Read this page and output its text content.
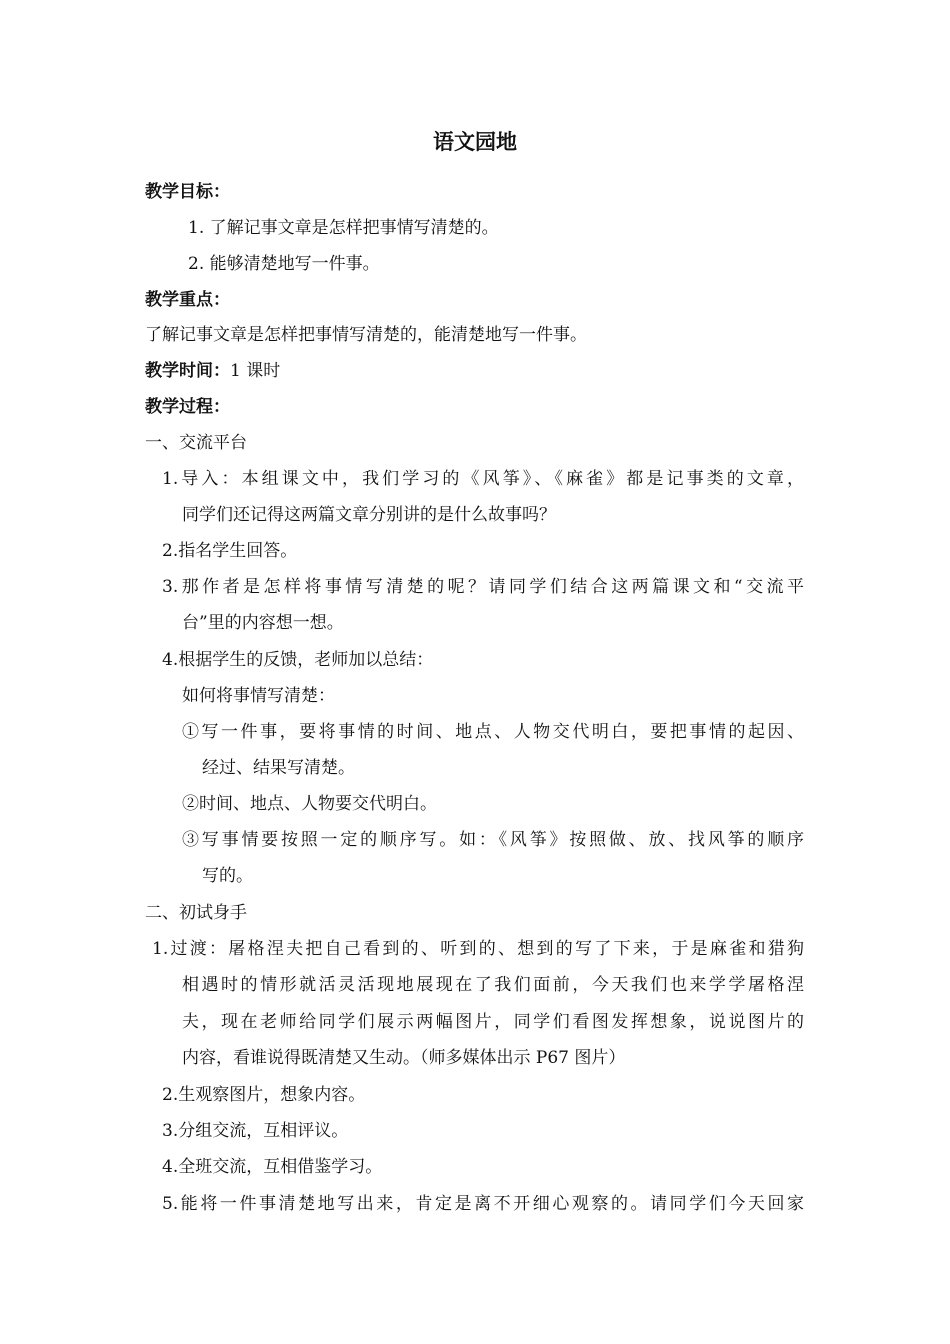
语文园地
教学目标：
1. 了解记事文章是怎样把事情写清楚的。
2. 能够清楚地写一件事。
教学重点：
了解记事文章是怎样把事情写清楚的，能清楚地写一件事。
教学时间：1 课时
教学过程：
一、交流平台
1.导入：本组课文中，我们学习的《风筝》、《麻雀》都是记事类的文章，
同学们还记得这两篇文章分别讲的是什么故事吗？
2.指名学生回答。
3.那作者是怎样将事情写清楚的呢？请同学们结合这两篇课文和“交流平
台”里的内容想一想。
4.根据学生的反馈，老师加以总结：
如何将事情写清楚：
①写一件事，要将事情的时间、地点、人物交代明白，要把事情的起因、
经过、结果写清楚。
②时间、地点、人物要交代明白。
③写事情要按照一定的顺序写。如：《风筝》按照做、放、找风筝的顺序
写的。
二、初试身手
1.过渡：屠格涅夫把自己看到的、听到的、想到的写了下来，于是麻雀和猎狗
相遇时的情形就活灵活现地展现在了我们面前，今天我们也来学学屠格涅
夫，现在老师给同学们展示两幅图片，同学们看图发挥想象，说说图片的
内容，看谁说得既清楚又生动。（师多媒体出示 P67 图片）
2.生观察图片，想象内容。
3.分组交流，互相评议。
4.全班交流，互相借鉴学习。
5.能将一件事清楚地写出来，肯定是离不开细心观察的。请同学们今天回家
